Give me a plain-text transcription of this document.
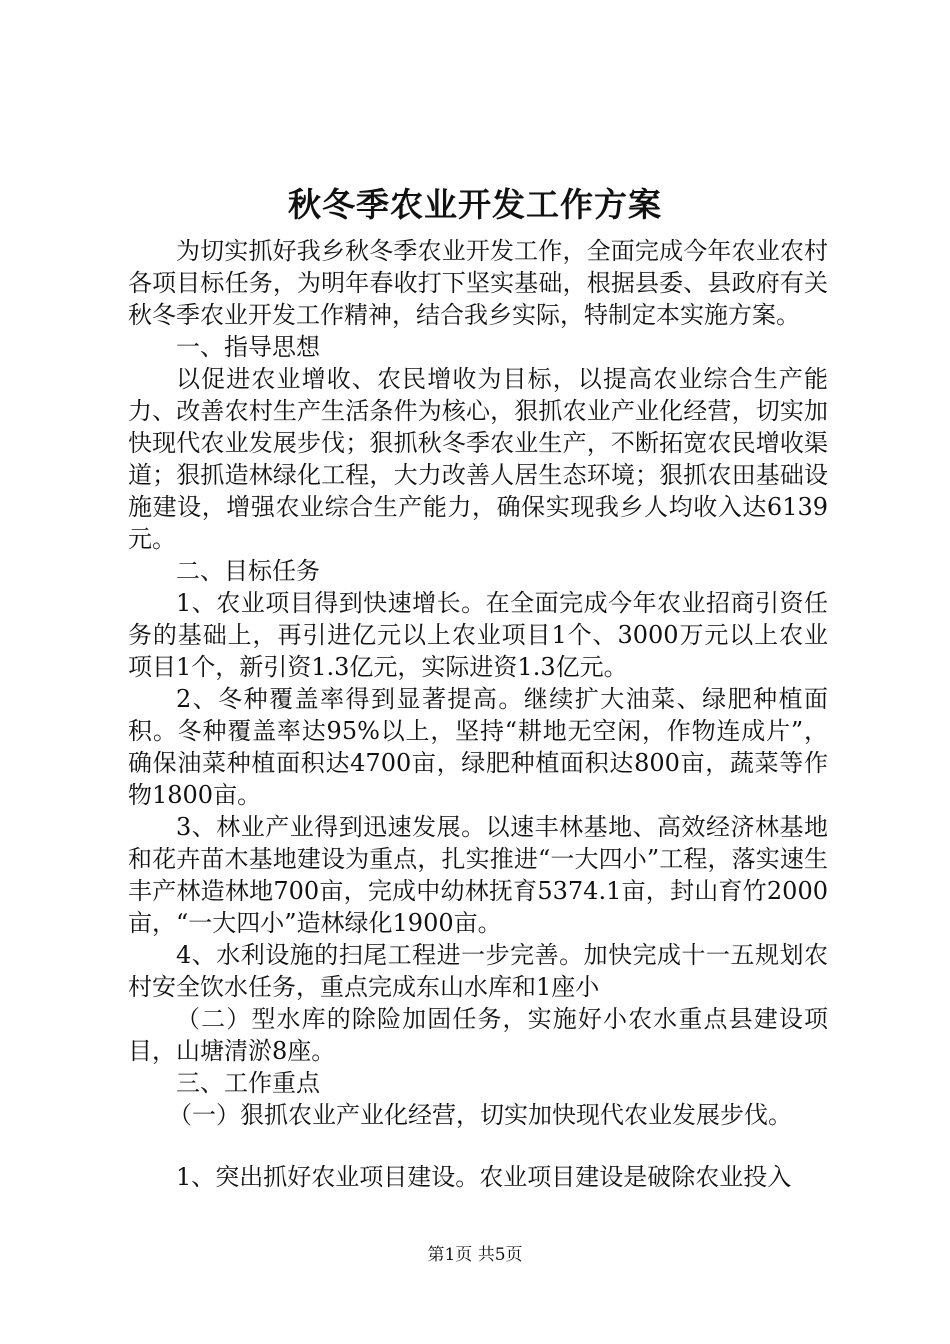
秋冬季农业开发工作方案

为切实抓好我乡秋冬季农业开发工作，全面完成今年农业农村各项目标任务，为明年春收打下坚实基础，根据县委、县政府有关秋冬季农业开发工作精神，结合我乡实际，特制定本实施方案。

一、指导思想

以促进农业增收、农民增收为目标，以提高农业综合生产能力、改善农村生产生活条件为核心，狠抓农业产业化经营，切实加快现代农业发展步伐；狠抓秋冬季农业生产，不断拓宽农民增收渠道；狠抓造林绿化工程，大力改善人居生态环境；狠抓农田基础设施建设，增强农业综合生产能力，确保实现我乡人均收入达6139元。

二、目标任务

1、农业项目得到快速增长。在全面完成今年农业招商引资任务的基础上，再引进亿元以上农业项目1个、3000万元以上农业项目1个，新引资1.3亿元，实际进资1.3亿元。

2、冬种覆盖率得到显著提高。继续扩大油菜、绿肥种植面积。冬种覆盖率达95%以上，坚持“耕地无空闲，作物连成片”，确保油菜种植面积达4700亩，绿肥种植面积达800亩，蔬菜等作物1800亩。

3、林业产业得到迅速发展。以速丰林基地、高效经济林基地和花卉苗木基地建设为重点，扎实推进“一大四小”工程，落实速生丰产林造林地700亩，完成中幼林抚育5374.1亩，封山育竹2000亩，“一大四小”造林绿化1900亩。

4、水利设施的扫尾工程进一步完善。加快完成十一五规划农村安全饮水任务，重点完成东山水库和1座小

（二）型水库的除险加固任务，实施好小农水重点县建设项目，山塘清淤8座。

三、工作重点

（一）狠抓农业产业化经营，切实加快现代农业发展步伐。

1、突出抓好农业项目建设。农业项目建设是破除农业投入

第1页 共5页
